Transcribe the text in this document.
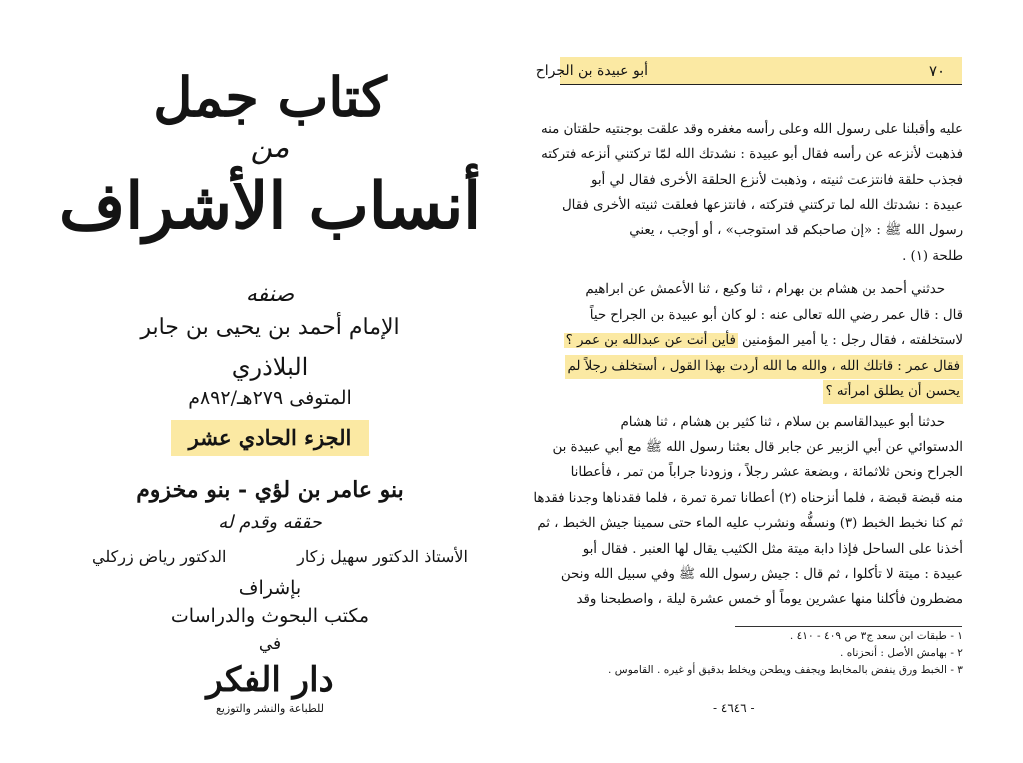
كتاب جمل
من
أنساب الأشراف
صنفه
الإمام أحمد بن يحيى بن جابر
البلاذري
المتوفى ٢٧٩هـ/٨٩٢م
الجزء الحادي عشر
بنو عامر بن لؤي - بنو مخزوم
حققه وقدم له
الأستاذ الدكتور سهيل زكار
الدكتور رياض زركلي
بإشراف
مكتب البحوث والدراسات
في
دار الفكر
للطباعة والنشر والتوزيع
٧٠
أبو عبيدة بن الجراح
عليه وأقبلنا على رسول الله وعلى رأسه مغفره وقد علقت بوجنتيه حلقتان منه
فذهبت لأنزعه عن رأسه فقال أبو عبيدة : نشدتك الله لمّا تركتني أنزعه فتركته
فجذب حلقة فانتزعت ثنيته ، وذهبت لأنزع الحلقة الأخرى فقال لي أبو
عبيدة : نشدتك الله لما تركتني فتركته ، فانتزعها فعلقت ثنيته الأخرى فقال
رسول الله ﷺ : «إن صاحبكم قد استوجب» ، أو أوجب ، يعني
طلحة (١) .
حدثني أحمد بن هشام بن بهرام ، ثنا وكيع ، ثنا الأعمش عن ابراهيم
قال : قال عمر رضي الله تعالى عنه : لو كان أبو عبيدة بن الجراح حياً
لاستخلفته ، فقال رجل : يا أمير المؤمنين فأين أنت عن عبدالله بن عمر ؟
فقال عمر : قاتلك الله ، والله ما الله أردت بهذا القول ، أستخلف رجلاً لم
يحسن أن يطلق امرأته ؟
حدثنا أبو عبيدالقاسم بن سلام ، ثنا كثير بن هشام ، ثنا هشام
الدستوائي عن أبي الزبير عن جابر قال بعثنا رسول الله ﷺ مع أبي عبيدة بن
الجراح ونحن ثلاثمائة ، وبضعة عشر رجلاً ، وزودنا جراباً من تمر ، فأعطانا
منه قبضة قبضة ، فلما أنزحناه (٢) أعطانا تمرة تمرة ، فلما فقدناها وجدنا فقدها
ثم كنا نخبط الخبط (٣) ونسفُّه ونشرب عليه الماء حتى سمينا جيش الخبط ، ثم
أخذنا على الساحل فإذا دابة ميتة مثل الكثيب يقال لها العنبر . فقال أبو
عبيدة : ميتة لا تأكلوا ، ثم قال : جيش رسول الله ﷺ وفي سبيل الله ونحن
مضطرون فأكلنا منها عشرين يوماً أو خمس عشرة ليلة ، واصطبحنا وقد
١ - طبقات ابن سعد ج٣ ص ٤٠٩ - ٤١٠ .
٢ - بهامش الأصل : أنحزناه .
٣ - الخبط ورق ينفض بالمخابط ويجفف ويطحن ويخلط بدقيق أو غيره . القاموس .
- ٤٦٤٦ -
